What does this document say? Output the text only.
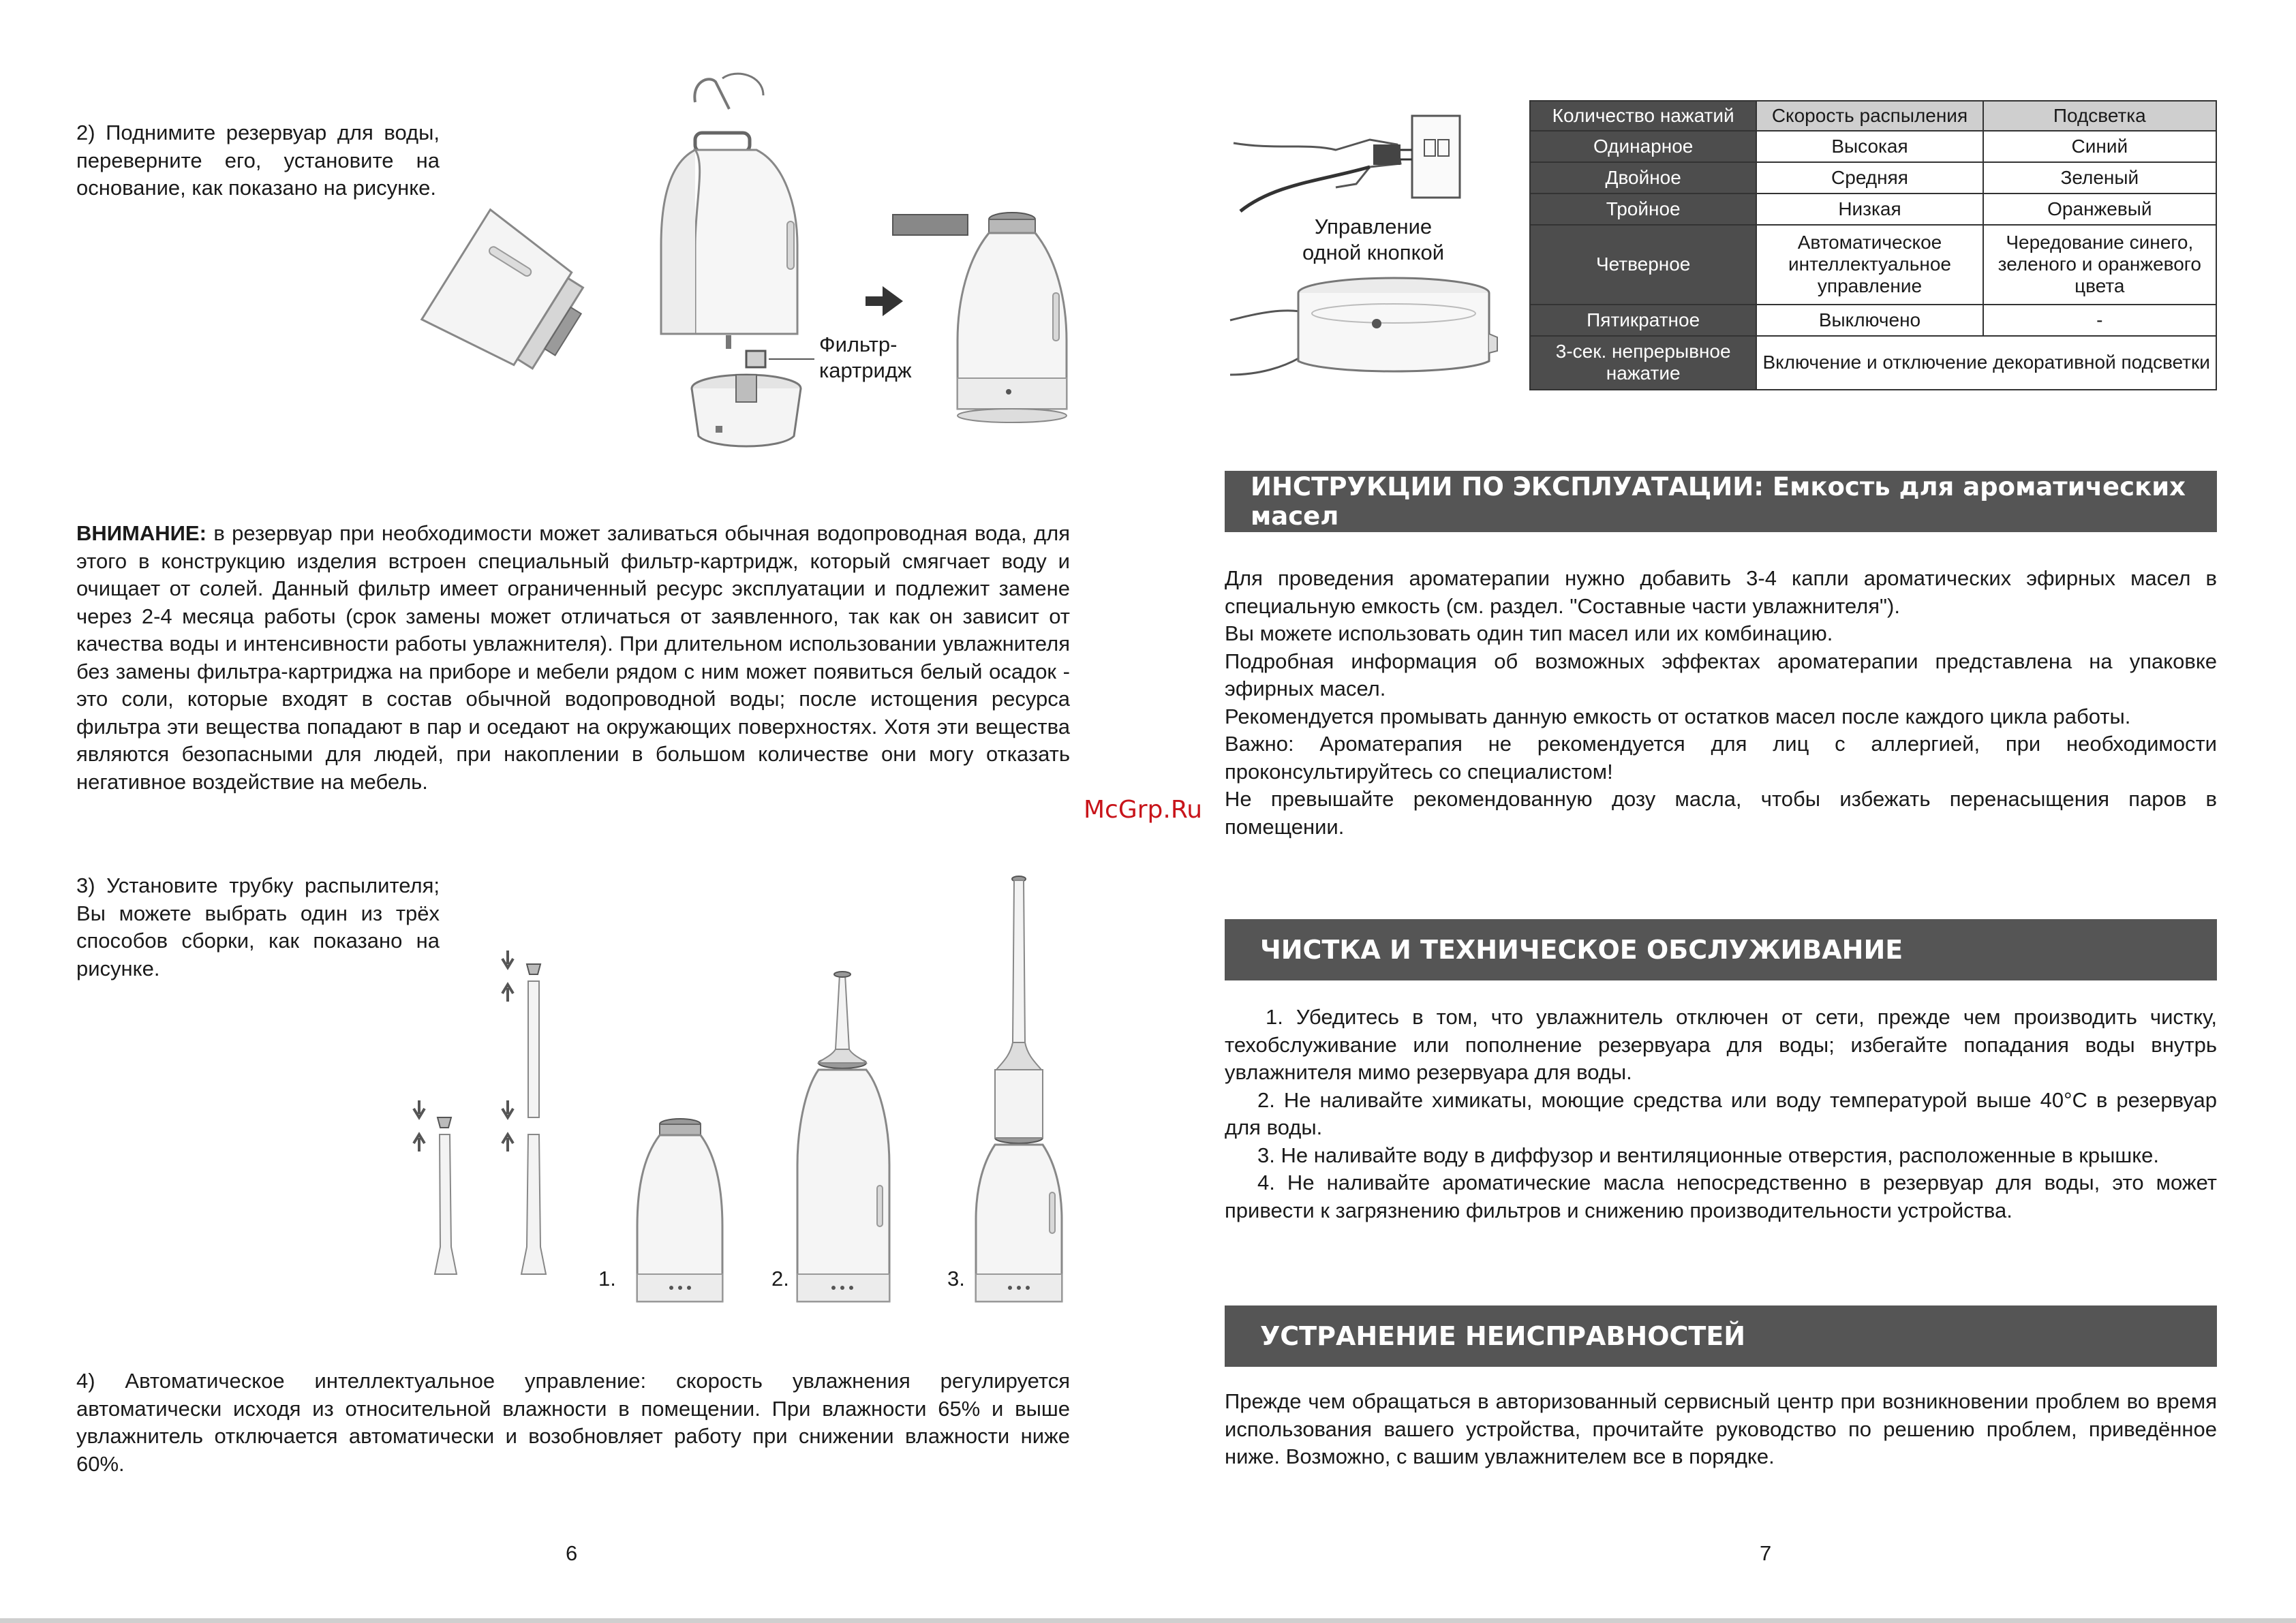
2) Поднимите резервуар для воды, переверните его, установите на основание, как показано на рисунке.

Фильтр-картридж

ВНИМАНИЕ: в резервуар при необходимости может заливаться обычная водопроводная вода, для этого в конструкцию изделия встроен специальный фильтр-картридж, который смягчает воду и очищает от солей. Данный фильтр имеет ограниченный ресурс эксплуатации и подлежит замене через 2-4 месяца работы (срок замены может отличаться от заявленного, так как он зависит от качества воды и интенсивности работы увлажнителя). При длительном использовании увлажнителя без замены фильтра-картриджа на приборе и мебели рядом с ним может появиться белый осадок - это соли, которые входят в состав обычной водопроводной воды; после истощения ресурса фильтра эти вещества попадают в пар и оседают на окружающих поверхностях. Хотя эти вещества являются безопасными для людей, при накоплении в большом количестве они могу отказать негативное воздействие на мебель.

3) Установите трубку распылителя; Вы можете выбрать один из трёх способов сборки, как показано на рисунке.

1.	2.	3.

4) Автоматическое интеллектуальное управление: скорость увлажнения регулируется автоматически исходя из относительной влажности в помещении. При влажности 65% и выше увлажнитель отключается автоматически и возобновляет работу при снижении влажности ниже 60%.

6
McGrp.Ru
Управление
одной кнопкой
Количество нажатий	Скорость распыления	Подсветка
Одинарное	Высокая	Синий
Двойное	Средняя	Зеленый
Тройное	Низкая	Оранжевый
Четверное	Автоматическое интеллектуальное управление	Чередование синего, зеленого и оранжевого цвета
Пятикратное	Выключено	-
3-сек. непрерывное нажатие	Включение и отключение декоративной подсветки	
ИНСТРУКЦИИ ПО ЭКСПЛУАТАЦИИ: Емкость для ароматических масел

Для проведения ароматерапии нужно добавить 3-4 капли ароматических эфирных масел в специальную емкость (см. раздел. "Составные части увлажнителя").

Вы можете использовать один тип масел или их комбинацию.

Подробная информация об возможных эффектах ароматерапии представлена на упаковке эфирных масел.

Рекомендуется промывать данную емкость от остатков масел после каждого цикла работы.

Важно: Ароматерапия не рекомендуется для лиц с аллергией, при необходимости проконсультируйтесь со специалистом!

Не превышайте рекомендованную дозу масла, чтобы избежать перенасыщения паров в помещении.

ЧИСТКА И ТЕХНИЧЕСКОЕ ОБСЛУЖИВАНИЕ

1. Убедитесь в том, что увлажнитель отключен от сети, прежде чем производить чистку, техобслуживание или пополнение резервуара для воды; избегайте попадания воды внутрь увлажнителя мимо резервуара для воды.

2. Не наливайте химикаты, моющие средства или воду температурой выше 40°C в резервуар для воды.

3. Не наливайте воду в диффузор и вентиляционные отверстия, расположенные в крышке.

4. Не наливайте ароматические масла непосредственно в резервуар для воды, это может привести к загрязнению фильтров и снижению производительности устройства.

УСТРАНЕНИЕ НЕИСПРАВНОСТЕЙ

Прежде чем обращаться в авторизованный сервисный центр при возникновении проблем во время использования вашего устройства, прочитайте руководство по решению проблем, приведённое ниже. Возможно, с вашим увлажнителем все в порядке.

7
